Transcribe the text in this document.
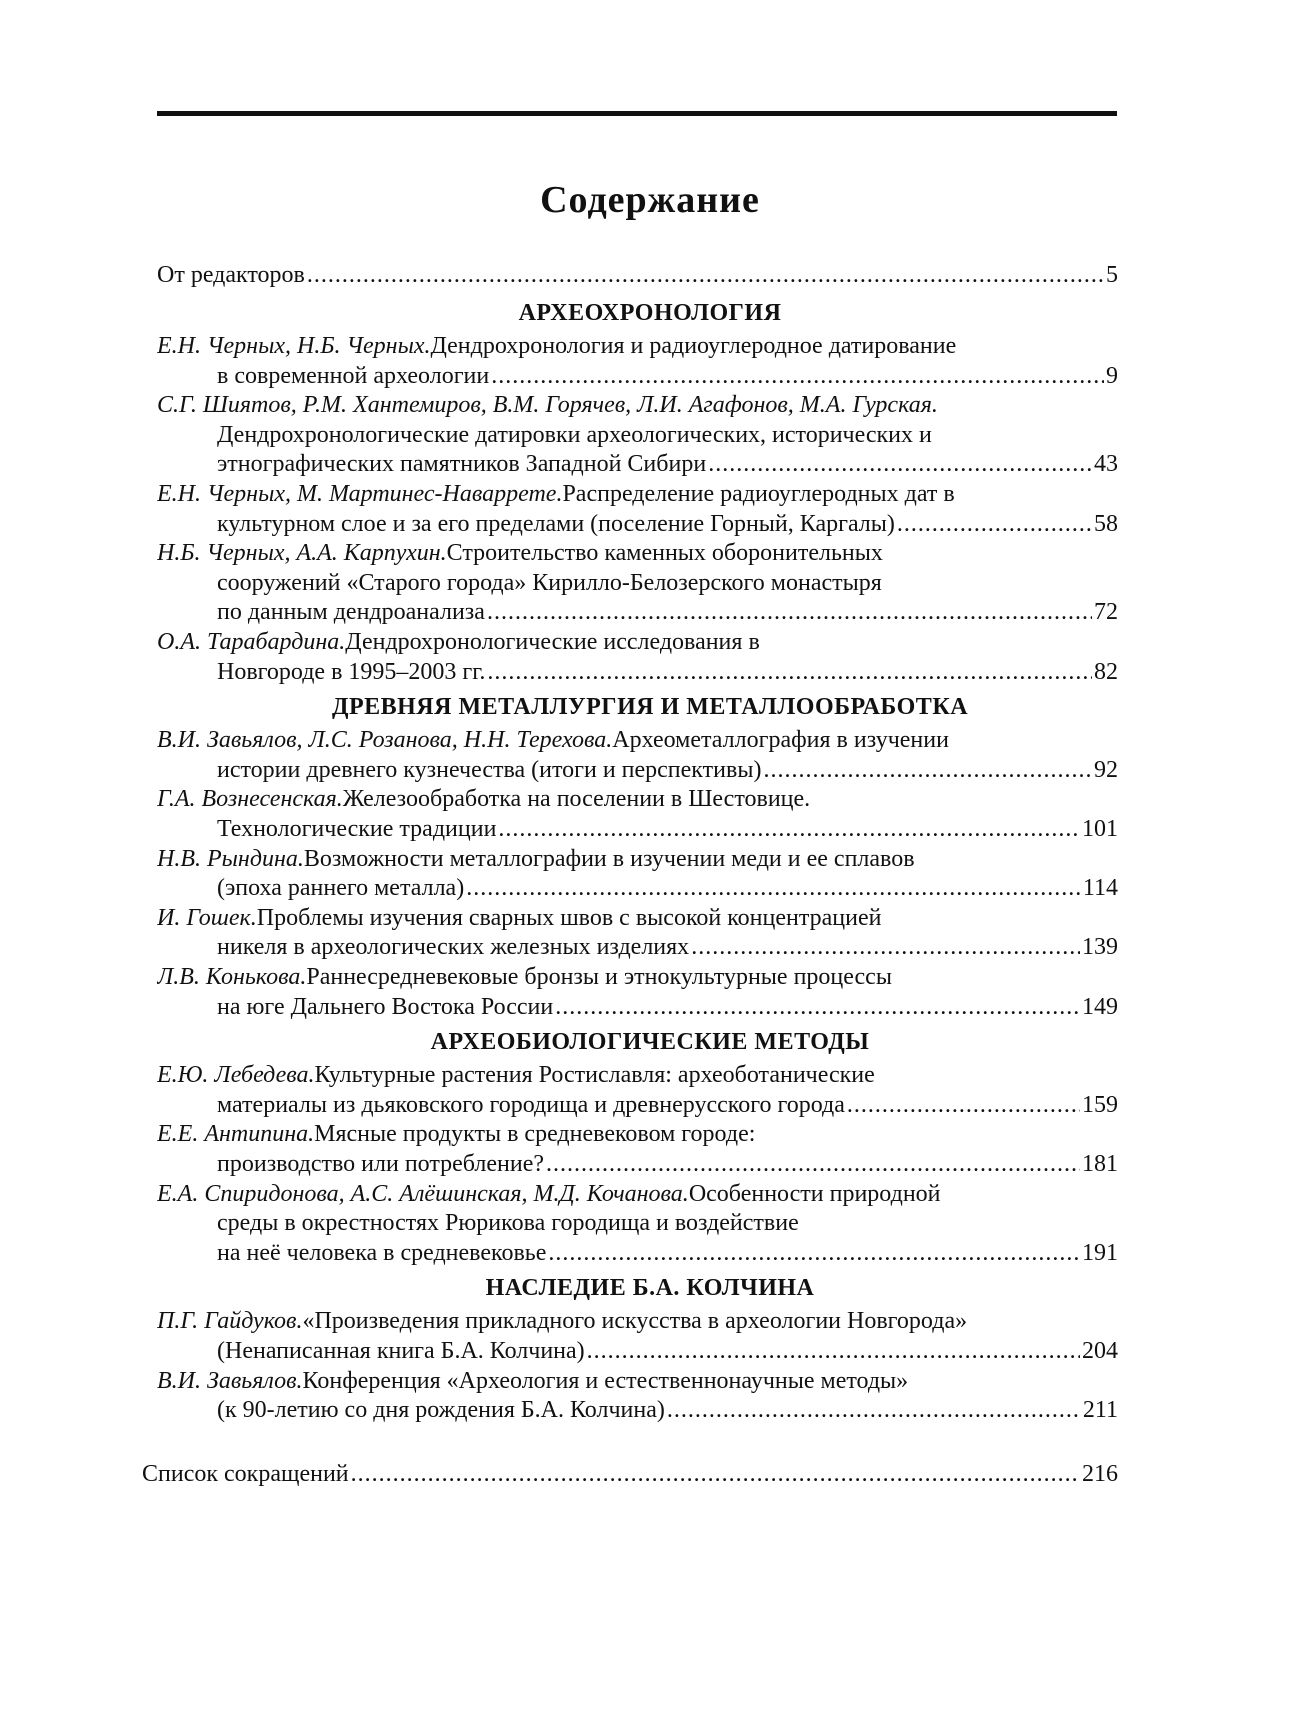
Содержание
От редакторов .....	5
АРХЕОХРОНОЛОГИЯ
Е.Н. Черных, Н.Б. Черных. Дендрохронология и радиоуглеродное датирование
в современной археологии .....	9
С.Г. Шиятов, Р.М. Хантемиров, В.М. Горячев, Л.И. Агафонов, М.А. Гурская.
Дендрохронологические датировки археологических, исторических и
этнографических памятников Западной Сибири .....	43
Е.Н. Черных, М. Мартинес-Наваррете. Распределение радиоуглеродных дат в
культурном слое и за его пределами (поселение Горный, Каргалы) .....	58
Н.Б. Черных, А.А. Карпухин. Строительство каменных оборонительных
сооружений «Старого города» Кирилло-Белозерского монастыря
по данным дендроанализа .....	72
О.А. Тарабардина. Дендрохронологические исследования в
Новгороде в 1995–2003 гг. .....	82
ДРЕВНЯЯ МЕТАЛЛУРГИЯ И МЕТАЛЛООБРАБОТКА
В.И. Завьялов, Л.С. Розанова, Н.Н. Терехова. Археометаллография в изучении
истории древнего кузнечества (итоги и перспективы) .....	92
Г.А. Вознесенская. Железообработка на поселении в Шестовице.
Технологические традиции .....	101
Н.В. Рындина. Возможности металлографии в изучении меди и ее сплавов
(эпоха раннего металла) .....	114
И. Гошек. Проблемы изучения сварных швов с высокой концентрацией
никеля в археологических железных изделиях .....	139
Л.В. Конькова. Раннесредневековые бронзы и этнокультурные процессы
на юге Дальнего Востока России .....	149
АРХЕОБИОЛОГИЧЕСКИЕ МЕТОДЫ
Е.Ю. Лебедева. Культурные растения Ростиславля: археоботанические
материалы из дьяковского городища и древнерусского города .....	159
Е.Е. Антипина. Мясные продукты в средневековом городе:
производство или потребление? .....	181
Е.А. Спиридонова, А.С. Алёшинская, М.Д. Кочанова. Особенности природной
среды в окрестностях Рюрикова городища и воздействие
на неё человека в средневековье .....	191
НАСЛЕДИЕ Б.А. КОЛЧИНА
П.Г. Гайдуков. «Произведения прикладного искусства в археологии Новгорода»
(Ненаписанная книга Б.А. Колчина) .....	204
В.И. Завьялов. Конференция «Археология и естественнонаучные методы»
(к 90-летию со дня рождения Б.А. Колчина) .....	211
Список сокращений .....	216
